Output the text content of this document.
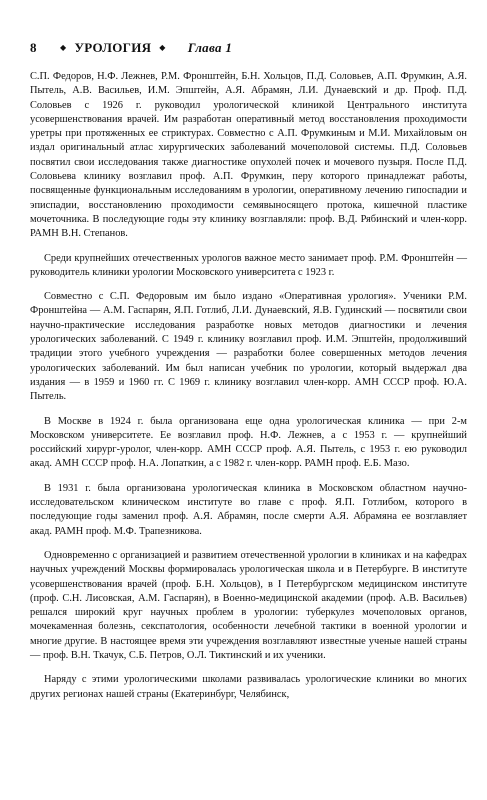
8	◆ УРОЛОГИЯ ◆ Глава 1

С.П. Федоров, Н.Ф. Лежнев, Р.М. Фронштейн, Б.Н. Хольцов, П.Д. Соловьев, А.П. Фрумкин, А.Я. Пытель, А.В. Васильев, И.М. Эпштейн, А.Я. Абрамян, Л.И. Дунаевский и др. Проф. П.Д. Соловьев с 1926 г. руководил урологической клиникой Центрального института усовершенствования врачей. Им разработан оперативный метод восстановления проходимости уретры при протяженных ее стриктурах. Совместно с А.П. Фрумкиным и М.И. Михайловым он издал оригинальный атлас хирургических заболеваний мочеполовой системы. П.Д. Соловьев посвятил свои исследования также диагностике опухолей почек и мочевого пузыря. После П.Д. Соловьева клинику возглавил проф. А.П. Фрумкин, перу которого принадлежат работы, посвященные функциональным исследованиям в урологии, оперативному лечению гипоспадии и эписпадии, восстановлению проходимости семявыносящего протока, кишечной пластике мочеточника. В последующие годы эту клинику возглавляли: проф. В.Д. Рябинский и член-корр. РАМН В.Н. Степанов.

Среди крупнейших отечественных урологов важное место занимает проф. Р.М. Фронштейн — руководитель клиники урологии Московского университета с 1923 г.

Совместно с С.П. Федоровым им было издано «Оперативная урология». Ученики Р.М. Фронштейна — А.М. Гаспарян, Я.П. Готлиб, Л.И. Дунаевский, Я.В. Гудинский — посвятили свои научно-практические исследования разработке новых методов диагностики и лечения урологических заболеваний. С 1949 г. клинику возглавил проф. И.М. Эпштейн, продолживший традиции этого учебного учреждения — разработки более совершенных методов лечения урологических заболеваний. Им был написан учебник по урологии, который выдержал два издания — в 1959 и 1960 гг. С 1969 г. клинику возглавил член-корр. АМН СССР проф. Ю.А. Пытель.

В Москве в 1924 г. была организована еще одна урологическая клиника — при 2-м Московском университете. Ее возглавил проф. Н.Ф. Лежнев, а с 1953 г. — крупнейший российский хирург-уролог, член-корр. АМН СССР проф. А.Я. Пытель, с 1953 г. ею руководил акад. АМН СССР проф. Н.А. Лопаткин, а с 1982 г. член-корр. РАМН проф. Е.Б. Мазо.

В 1931 г. была организована урологическая клиника в Московском областном научно-исследовательском клиническом институте во главе с проф. Я.П. Готлибом, которого в последующие годы заменил проф. А.Я. Абрамян, после смерти А.Я. Абрамяна ее возглавляет акад. РАМН проф. М.Ф. Трапезникова.

Одновременно с организацией и развитием отечественной урологии в клиниках и на кафедрах научных учреждений Москвы формировалась урологическая школа и в Петербурге. В институте усовершенствования врачей (проф. Б.Н. Хольцов), в I Петербургском медицинском институте (проф. С.Н. Лисовская, А.М. Гаспарян), в Военно-медицинской академии (проф. А.В. Васильев) решался широкий круг научных проблем в урологии: туберкулез мочеполовых органов, мочекаменная болезнь, секспатология, особенности лечебной тактики в военной урологии и многие другие. В настоящее время эти учреждения возглавляют известные ученые нашей страны — проф. В.Н. Ткачук, С.Б. Петров, О.Л. Тиктинский и их ученики.

Наряду с этими урологическими школами развивалась урологические клиники во многих других регионах нашей страны (Екатеринбург, Челябинск,
